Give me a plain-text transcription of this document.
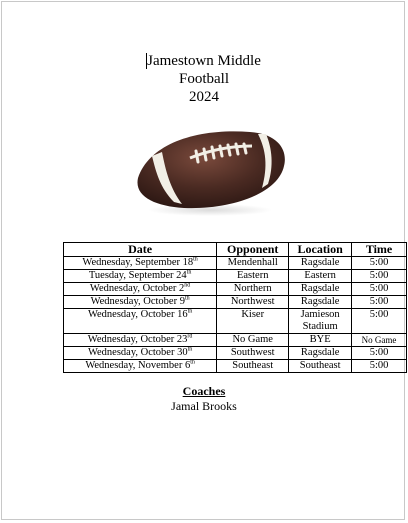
Jamestown Middle
Football
2024
Date	Opponent	Location	Time
Wednesday, September 18th	Mendenhall	Ragsdale	5:00
Tuesday, September 24th	Eastern	Eastern	5:00
Wednesday, October 2nd	Northern	Ragsdale	5:00
Wednesday, October 9th	Northwest	Ragsdale	5:00
Wednesday, October 16th	Kiser	Jamieson Stadium	5:00
Wednesday, October 23rd	No Game	BYE	No Game
Wednesday, October 30th	Southwest	Ragsdale	5:00
Wednesday, November 6th	Southeast	Southeast	5:00
Coaches
Jamal Brooks
